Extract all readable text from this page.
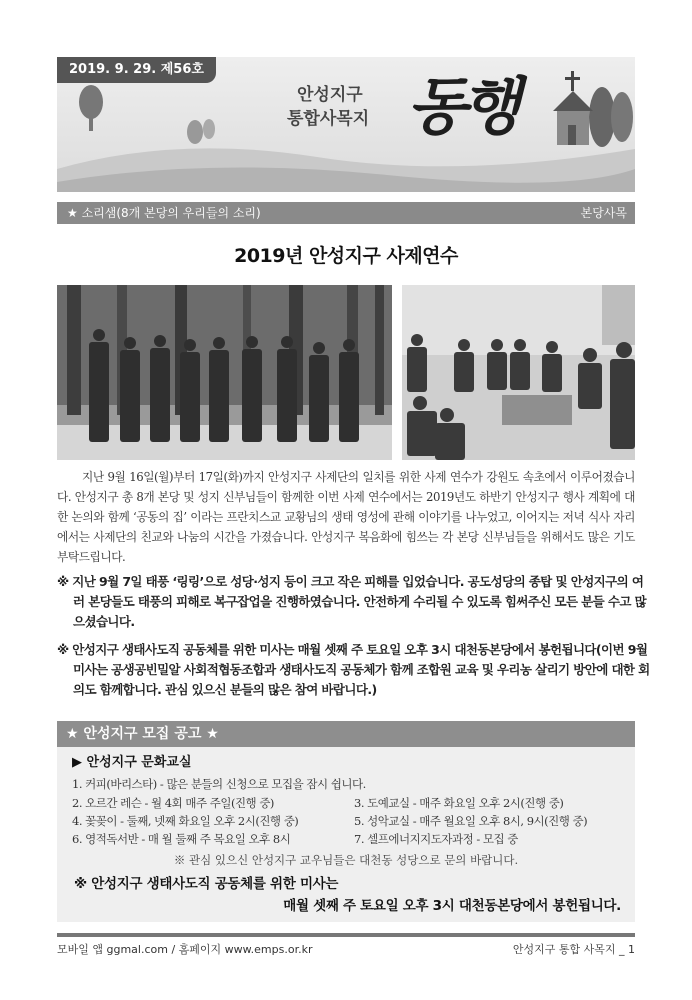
2019. 9. 29. 제56호
안성지구
통합사목지 동행
★ 소리샘(8개 본당의 우리들의 소리)	본당사목
2019년 안성지구 사제연수

지난 9월 16일(월)부터 17일(화)까지 안성지구 사제단의 일치를 위한 사제 연수가 강원도 속초에서 이루어졌습니다. 안성지구 총 8개 본당 및 성지 신부님들이 함께한 이번 사제 연수에서는 2019년도 하반기 안성지구 행사 계획에 대한 논의와 함께 ‘공동의 집’ 이라는 프란치스교 교황님의 생태 영성에 관해 이야기를 나누었고, 이어지는 저녁 식사 자리에서는 사제단의 친교와 나눔의 시간을 가졌습니다. 안성지구 복음화에 힘쓰는 각 본당 신부님들을 위해서도 많은 기도 부탁드립니다.

※ 지난 9월 7일 태풍 ‘링링’으로 성당·성지 등이 크고 작은 피해를 입었습니다. 공도성당의 종탑 및 안성지구의 여러 본당들도 태풍의 피해로 복구잡업을 진행하였습니다. 안전하게 수리될 수 있도록 힘써주신 모든 분들 수고 많으셨습니다.

※ 안성지구 생태사도직 공동체를 위한 미사는 매월 셋째 주 토요일 오후 3시 대천동본당에서 봉헌됩니다(이번 9월 미사는 공생공빈밀알 사회적협동조합과 생태사도직 공동체가 함께 조합원 교육 및 우리농 살리기 방안에 대한 회의도 함께합니다. 관심 있으신 분들의 많은 참여 바랍니다.)

★ 안성지구 모집 공고 ★
▶ 안성지구 문화교실
1. 커피(바리스타) - 많은 분들의 신청으로 모집을 잠시 쉽니다.
2. 오르간 레슨 - 월 4회 매주 주일(진행 중)	3. 도예교실 - 매주 화요일 오후 2시(진행 중)
4. 꽃꽂이 - 둘째, 넷째 화요일 오후 2시(진행 중)	5. 성악교실 - 매주 월요일 오후 8시, 9시(진행 중)
6. 영적독서반 - 매 월 둘째 주 목요일 오후 8시	7. 셀프에너지지도자과정 - 모집 중
※ 관심 있으신 안성지구 교우님들은 대천동 성당으로 문의 바랍니다.
※ 안성지구 생태사도직 공동체를 위한 미사는
매월 셋째 주 토요일 오후 3시 대천동본당에서 봉헌됩니다.
모바일 앱 ggmal.com / 홈페이지 www.emps.or.kr	안성지구 통합 사목지 _ 1
